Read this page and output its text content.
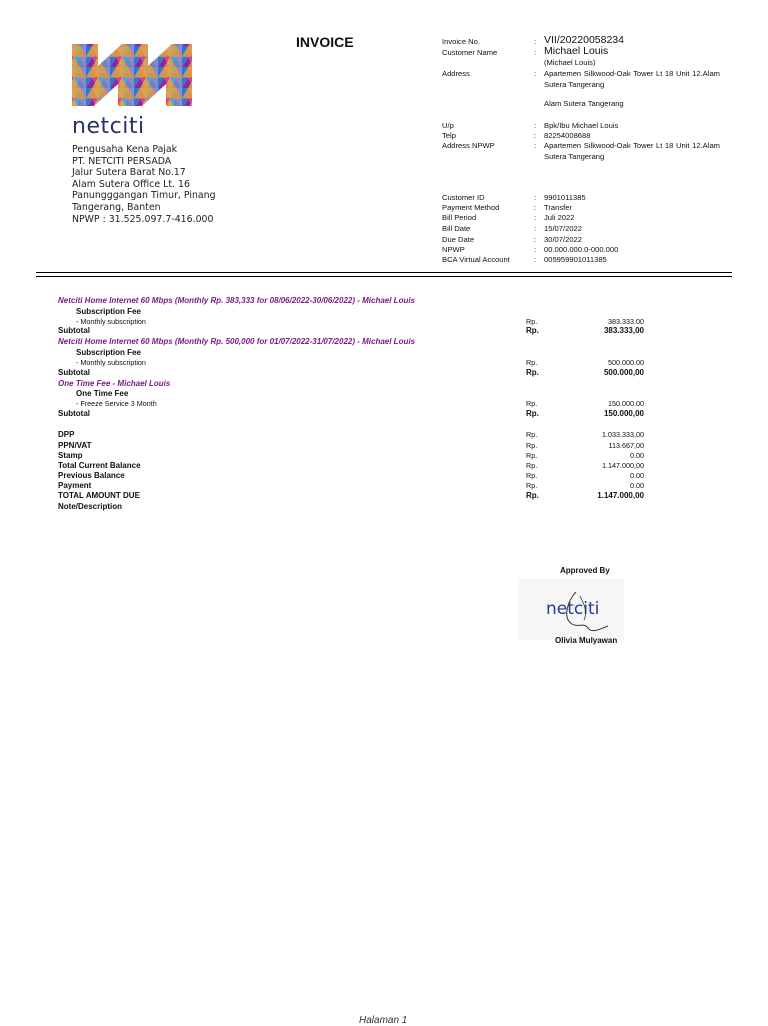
netciti
Pengusaha Kena Pajak
PT. NETCITI PERSADA
Jalur Sutera Barat No.17
Alam Sutera Office Lt. 16
Panungggangan Timur, Pinang
Tangerang, Banten
NPWP : 31.525.097.7-416.000
INVOICE	Invoice No.	: VII/20220058234
Customer Name	: Michael Louis
(Michael Louis)
Address	: Apartemen Silkwood-Oak Tower Lt 18 Unit 12.Alam Sutera Tangerang
Alam Sutera Tangerang
U/p	: Bpk/Ibu Michael Louis
Telp	: 82254008688
Address NPWP	: Apartemen Silkwood-Oak Tower Lt 18 Unit 12.Alam Sutera Tangerang
Customer ID	: 9901011385
Payment Method	: Transfer
Bill Period	: Juli 2022
Bill Date	: 15/07/2022
Due Date	: 30/07/2022
NPWP	: 00.000.000.0-000.000
BCA Virtual Account	: 005959901011385
Netciti Home Internet 60 Mbps (Monthly Rp. 383,333 for 08/06/2022-30/06/2022) - Michael Louis
Subscription Fee
- Monthly subscription	Rp.	383.333.00
Subtotal	Rp.	383.333,00
Netciti Home Internet 60 Mbps (Monthly Rp. 500,000 for 01/07/2022-31/07/2022) - Michael Louis
Subscription Fee
- Monthly subscription	Rp.	500.000.00
Subtotal	Rp.	500.000,00
One Time Fee - Michael Louis
One Time Fee
- Freeze Service 3 Month	Rp.	150.000.00
Subtotal	Rp.	150.000,00
DPP	Rp.	1.033.333,00
PPN/VAT	Rp.	113.667,00
Stamp	Rp.	0.00
Total Current Balance	Rp.	1.147.000,00
Previous Balance	Rp.	0.00
Payment	Rp.	0.00
TOTAL AMOUNT DUE	Rp.	1.147.000,00
Note/Description
Approved By
netciti
Olivia Mulyawan
Halaman 1
